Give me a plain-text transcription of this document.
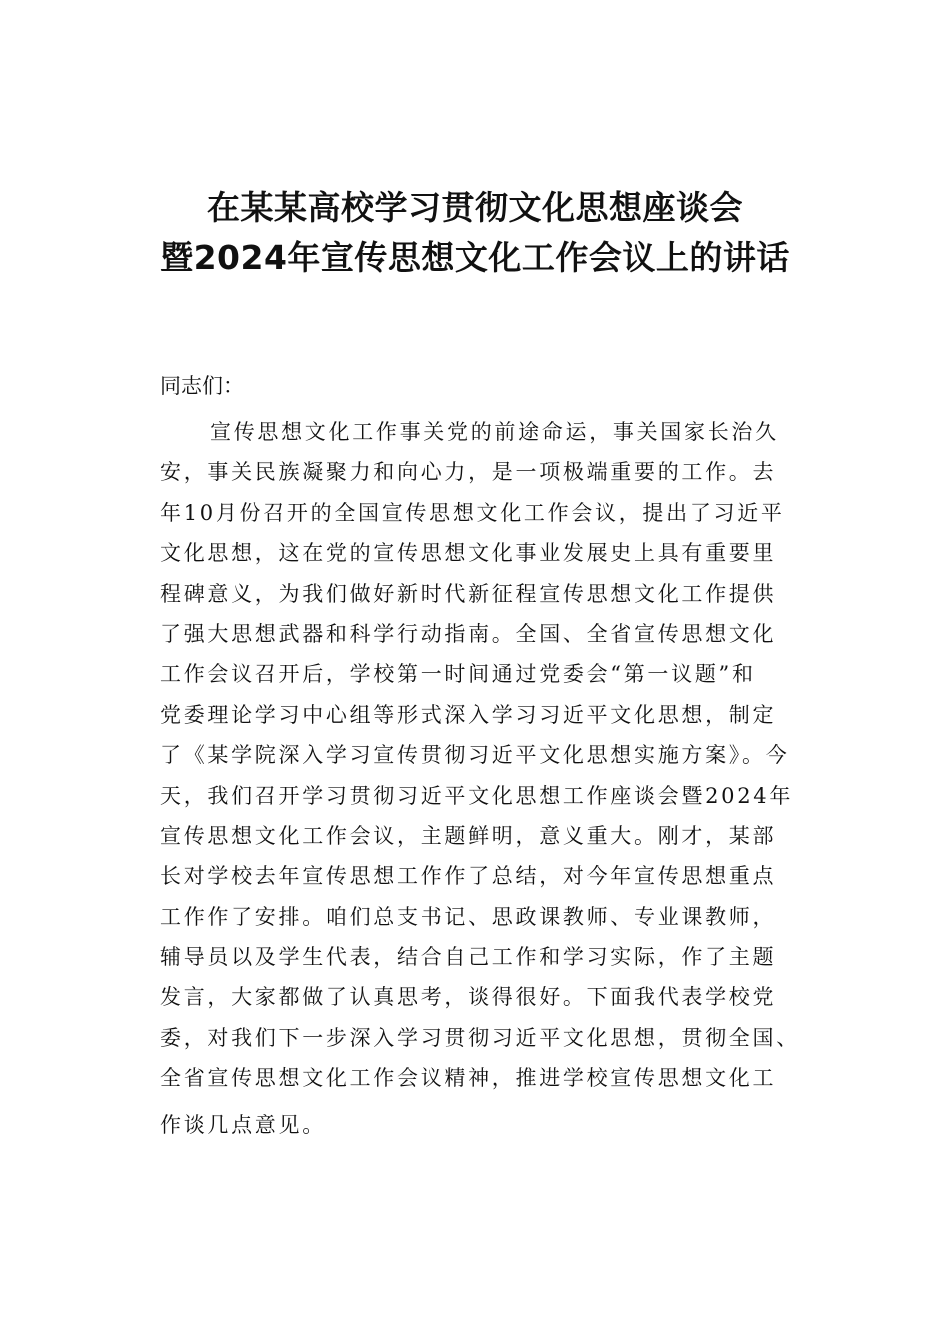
在某某高校学习贯彻文化思想座谈会
暨2024年宣传思想文化工作会议上的讲话
同志们：
宣传思想文化工作事关党的前途命运，事关国家长治久
安，事关民族凝聚力和向心力，是一项极端重要的工作。去
年10月份召开的全国宣传思想文化工作会议，提出了习近平
文化思想，这在党的宣传思想文化事业发展史上具有重要里
程碑意义，为我们做好新时代新征程宣传思想文化工作提供
了强大思想武器和科学行动指南。全国、全省宣传思想文化
工作会议召开后，学校第一时间通过党委会“第一议题”和
党委理论学习中心组等形式深入学习习近平文化思想，制定
了《某学院深入学习宣传贯彻习近平文化思想实施方案》。今
天，我们召开学习贯彻习近平文化思想工作座谈会暨2024年
宣传思想文化工作会议，主题鲜明，意义重大。刚才，某部
长对学校去年宣传思想工作作了总结，对今年宣传思想重点
工作作了安排。咱们总支书记、思政课教师、专业课教师，
辅导员以及学生代表，结合自己工作和学习实际，作了主题
发言，大家都做了认真思考，谈得很好。下面我代表学校党
委，对我们下一步深入学习贯彻习近平文化思想，贯彻全国、
全省宣传思想文化工作会议精神，推进学校宣传思想文化工
作谈几点意见。
